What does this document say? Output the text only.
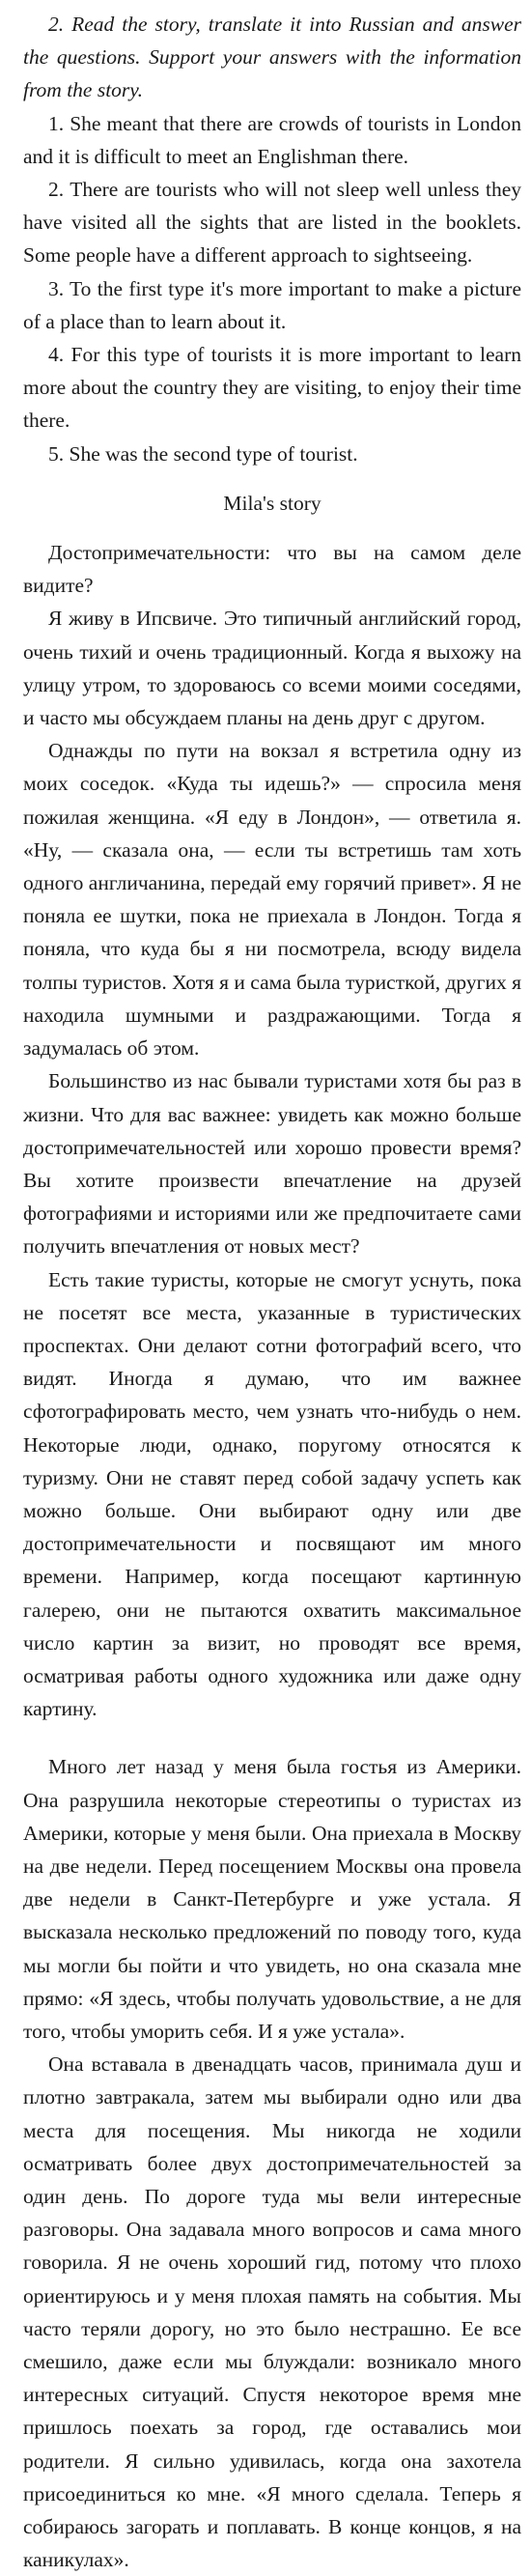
2. Read the story, translate it into Russian and answer the questions. Support your answers with the information from the story.

1. She meant that there are crowds of tourists in London and it is difficult to meet an Englishman there.

2. There are tourists who will not sleep well unless they have visited all the sights that are listed in the booklets. Some people have a different approach to sightseeing.

3. To the first type it's more important to make a picture of a place than to learn about it.

4. For this type of tourists it is more important to learn more about the country they are visiting, to enjoy their time there.

5. She was the second type of tourist.

Mila's story

Достопримечательности: что вы на самом деле видите?

Я живу в Ипсвиче. Это типичный английский город, очень тихий и очень традиционный. Когда я выхожу на улицу утром, то здороваюсь со всеми моими соседями, и часто мы обсуждаем планы на день друг с другом.

Однажды по пути на вокзал я встретила одну из моих соседок. «Куда ты идешь?» — спросила меня пожилая женщина. «Я еду в Лондон», — ответила я. «Ну, — сказала она, — если ты встретишь там хоть одного англичанина, передай ему горячий привет». Я не поняла ее шутки, пока не приехала в Лондон. Тогда я поняла, что куда бы я ни посмотрела, всюду видела толпы туристов. Хотя я и сама была туристкой, других я находила шумными и раздражающими. Тогда я задумалась об этом.

Большинство из нас бывали туристами хотя бы раз в жизни. Что для вас важнее: увидеть как можно больше достопримечательностей или хорошо провести время? Вы хотите произвести впечатление на друзей фотографиями и историями или же предпочитаете сами получить впечатления от новых мест?

Есть такие туристы, которые не смогут уснуть, пока не посетят все места, указанные в туристических проспектах. Они делают сотни фотографий всего, что видят. Иногда я думаю, что им важнее сфотографировать место, чем узнать что-нибудь о нем. Некоторые люди, однако, поругому относятся к туризму. Они не ставят перед собой задачу успеть как можно больше. Они выбирают одну или две достопримечательности и посвящают им много времени. Например, когда посещают картинную галерею, они не пытаются охватить максимальное число картин за визит, но проводят все время, осматривая работы одного художника или даже одну картину.

Много лет назад у меня была гостья из Америки. Она разрушила некоторые стереотипы о туристах из Америки, которые у меня были. Она приехала в Москву на две недели. Перед посещением Москвы она провела две недели в Санкт-Петербурге и уже устала. Я высказала несколько предложений по поводу того, куда мы могли бы пойти и что увидеть, но она сказала мне прямо: «Я здесь, чтобы получать удовольствие, а не для того, чтобы уморить себя. И я уже устала».

Она вставала в двенадцать часов, принимала душ и плотно завтракала, затем мы выбирали одно или два места для посещения. Мы никогда не ходили осматривать более двух достопримечательностей за один день. По дороге туда мы вели интересные разговоры. Она задавала много вопросов и сама много говорила. Я не очень хороший гид, потому что плохо ориентируюсь и у меня плохая память на события. Мы часто теряли дорогу, но это было нестрашно. Ее все смешило, даже если мы блуждали: возникало много интересных ситуаций. Спустя некоторое время мне пришлось поехать за город, где оставались мои родители. Я сильно удивилась, когда она захотела присоединиться ко мне. «Я много сделала. Теперь я собираюсь загорать и поплавать. В конце концов, я на каникулах».
